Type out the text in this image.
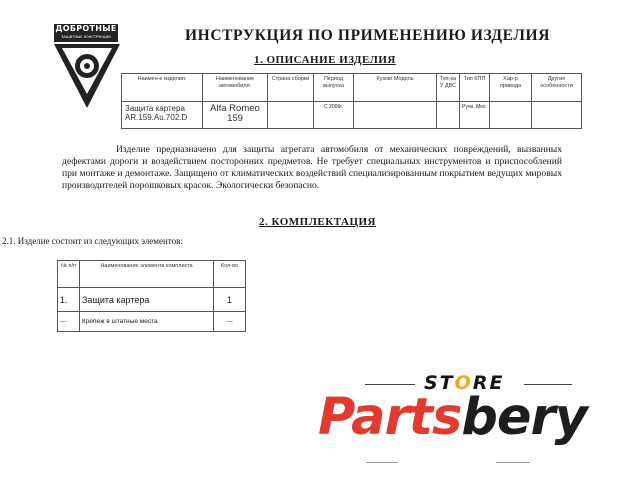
ДОБРОТНЫЕ
ЗАЩИТНЫЕ КОНСТРУКЦИИ	ИНСТРУКЦИЯ ПО ПРИМЕНЕНИЮ ИЗДЕЛИЯ
1. ОПИСАНИЕ ИЗДЕЛИЯ
Наимен-е изделия:	Наименование автомобиля:	Страна сборки	Период выпуска	Кузов/ Модель	Тех-ка У ДВС	Тип КПП	Хар-р привода	Другие особенности
Защита картера AR.159.Au.702.D	Alfa Romeo 159		С 2006г.			Ручн. Мех.		
Изделие предназначено для защиты агрегата автомобиля от механических повреждений, вызванных дефектами дороги и воздействием посторонних предметов. Не требует специальных инструментов и приспособлений при монтаже и демонтаже. Защищено от климатических воздействий специализированным покрытием ведущих мировых производителей порошковых красок. Экологически безопасно.
2. КОМПЛЕКТАЦИЯ
2.1. Изделие состоит из следующих элементов:
№ п/п	Наименование элемента комплекта	Кол-во
1.	Защита картера	1
---	Крепеж в штатные места	---
STORE
Partsbery
